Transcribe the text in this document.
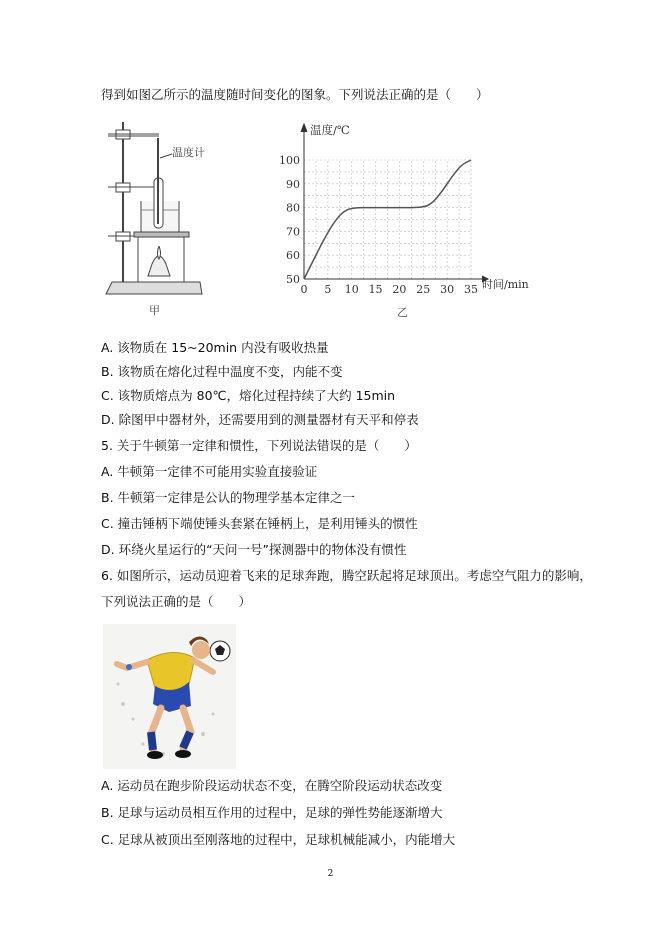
得到如图乙所示的温度随时间变化的图象。下列说法正确的是（　　）
温度计
甲
50
60
70
80
90
100
0 5 10 15 20 25 30 35
温度/℃
时间/min
乙
A. 该物质在 15~20min 内没有吸收热量
B. 该物质在熔化过程中温度不变，内能不变
C. 该物质熔点为 80℃，熔化过程持续了大约 15min
D. 除图甲中器材外，还需要用到的测量器材有天平和停表
5. 关于牛顿第一定律和惯性，下列说法错误的是（　　）
A. 牛顿第一定律不可能用实验直接验证
B. 牛顿第一定律是公认的物理学基本定律之一
C. 撞击锤柄下端使锤头套紧在锤柄上，是利用锤头的惯性
D. 环绕火星运行的“天问一号”探测器中的物体没有惯性
6. 如图所示，运动员迎着飞来的足球奔跑，腾空跃起将足球顶出。考虑空气阻力的影响，
下列说法正确的是（　　）
A. 运动员在跑步阶段运动状态不变，在腾空阶段运动状态改变
B. 足球与运动员相互作用的过程中，足球的弹性势能逐渐增大
C. 足球从被顶出至刚落地的过程中，足球机械能减小，内能增大
2
